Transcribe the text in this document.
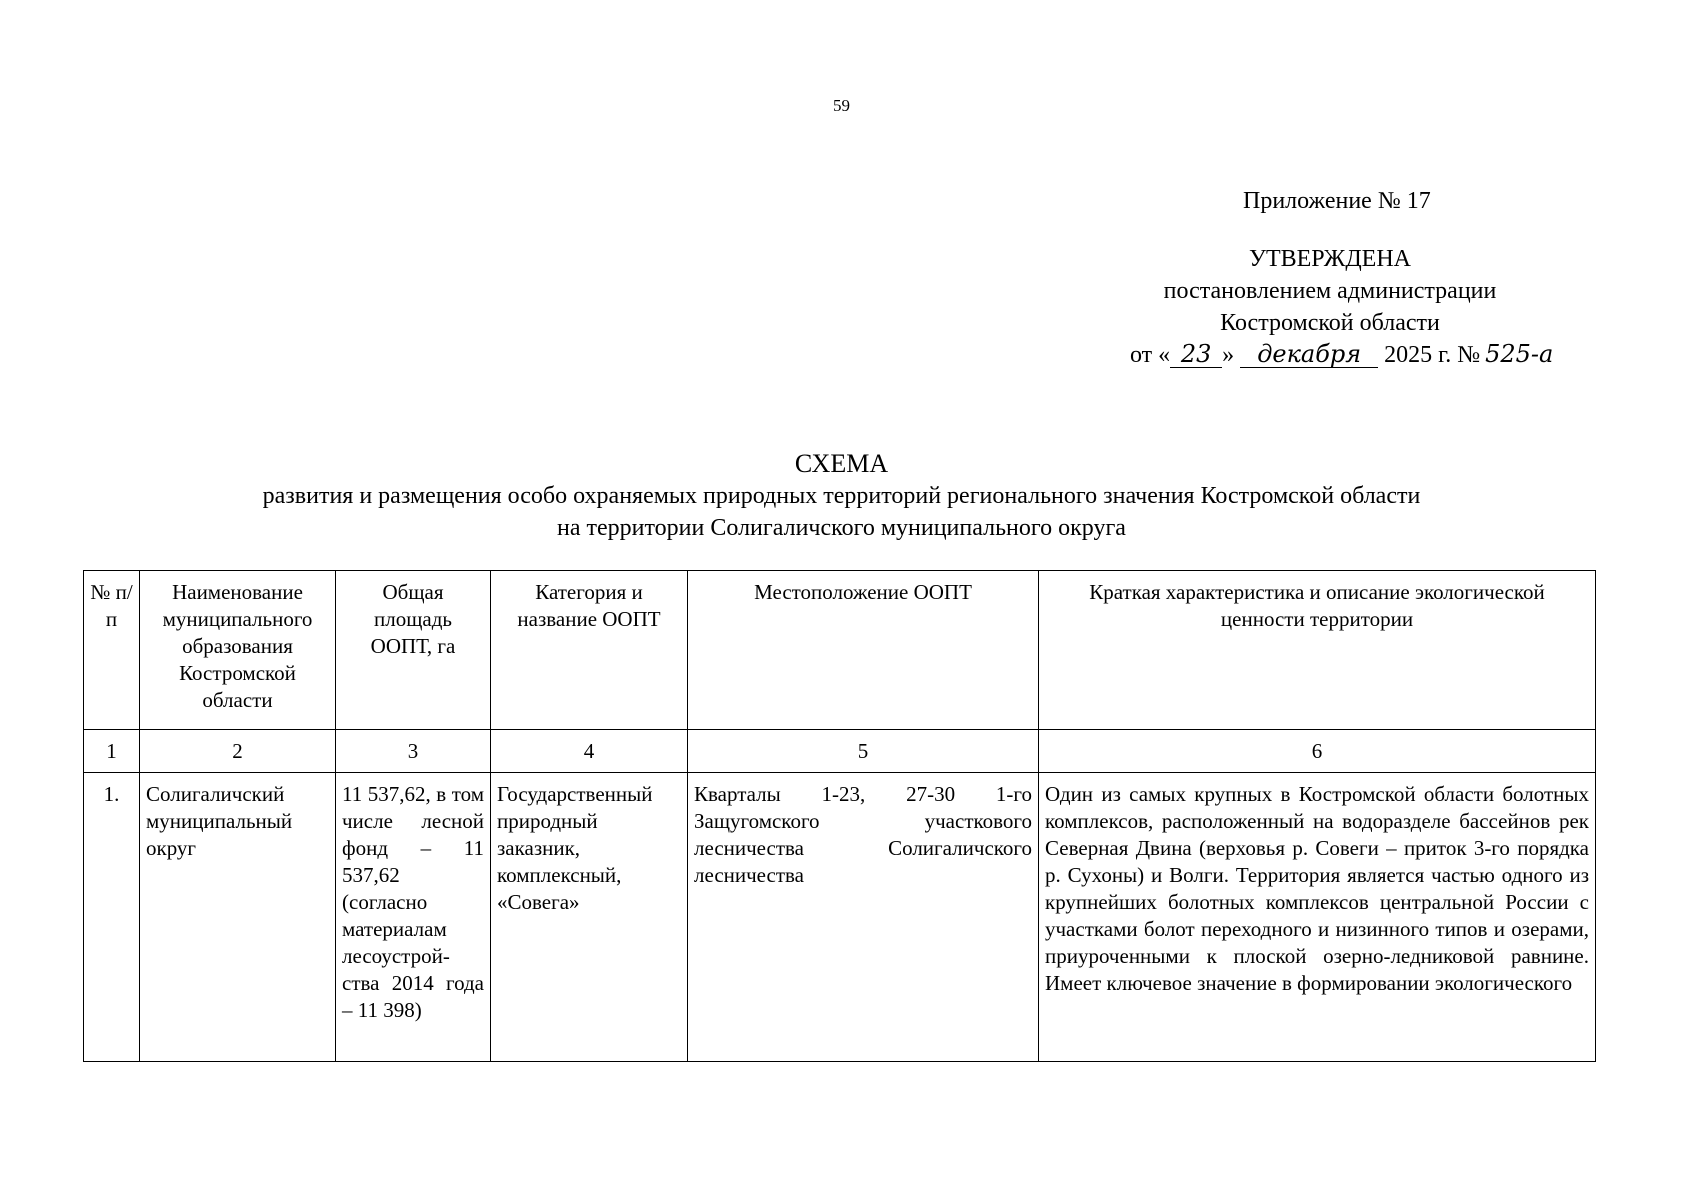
59
Приложение № 17
УТВЕРЖДЕНА
постановлением администрации
Костромской области
от « 23 » декабря 2025 г. № 525-а
СХЕМА
развития и размещения особо охраняемых природных территорий регионального значения Костромской области
на территории Солигаличского муниципального округа
№ п/п	Наименование муниципального образования Костромской области	Общая площадь ООПТ, га	Категория и название ООПТ	Местоположение ООПТ	Краткая характеристика и описание экологической ценности территории
1	2	3	4	5	6
1.	Солигаличский муниципальный округ	11 537,62, в том числе лесной фонд – 11 537,62 (согласно материалам лесоустрой-ства 2014 года – 11 398)	Государственный природный заказник, комплексный, «Совега»	Кварталы 1-23, 27-30 1-го Защугомского участкового лесничества Солигаличского лесничества	Один из самых крупных в Костромской области болотных комплексов, расположенный на водоразделе бассейнов рек Северная Двина (верховья р. Совеги – приток 3-го порядка р. Сухоны) и Волги. Территория является частью одного из крупнейших болотных комплексов центральной России с участками болот переходного и низинного типов и озерами, приуроченными к плоской озерно-ледниковой равнине. Имеет ключевое значение в формировании экологического
